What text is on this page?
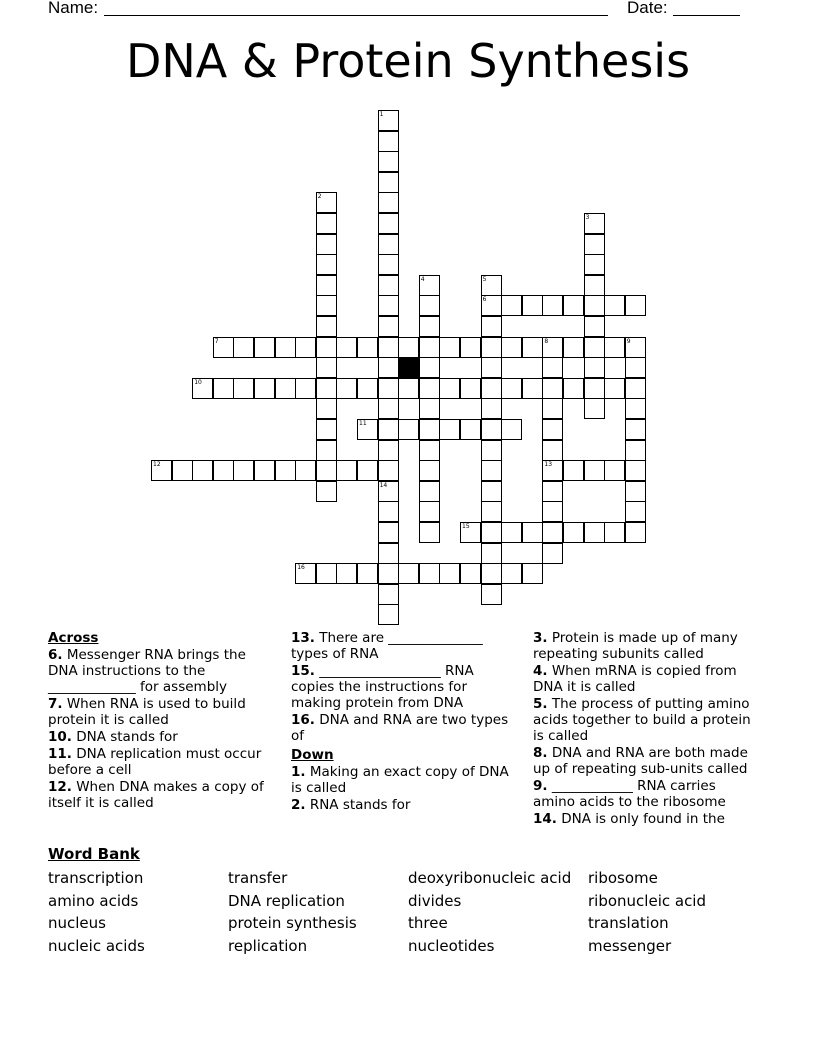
Name:	Date:
DNA & Protein Synthesis
1
2
3
4	5
6
7	8	9
10
11
12	13
14
15
16
Across
6. Messenger RNA brings the DNA instructions to the _____________ for assembly
7. When RNA is used to build protein it is called
10. DNA stands for
11. DNA replication must occur before a cell
12. When DNA makes a copy of itself it is called
13. There are ______________ types of RNA
15. __________________ RNA copies the instructions for making protein from DNA
16. DNA and RNA are two types of
Down
1. Making an exact copy of DNA is called
2. RNA stands for
3. Protein is made up of many repeating subunits called
4. When mRNA is copied from DNA it is called
5. The process of putting amino acids together to build a protein is called
8. DNA and RNA are both made up of repeating sub-units called
9. ____________ RNA carries amino acids to the ribosome
14. DNA is only found in the
Word Bank
transcription	transfer	deoxyribonucleic acid	ribosome
amino acids	DNA replication	divides	ribonucleic acid
nucleus	protein synthesis	three	translation
nucleic acids	replication	nucleotides	messenger
